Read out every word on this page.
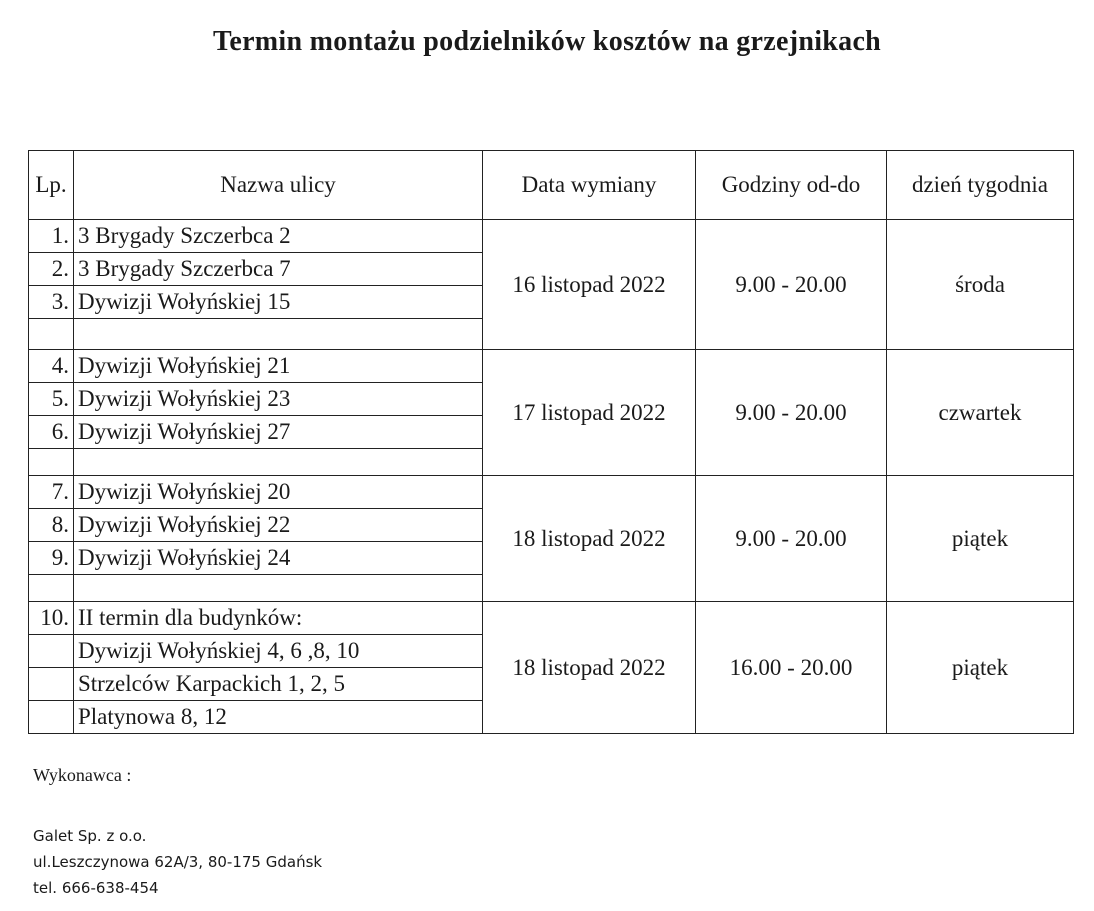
Termin montażu podzielników kosztów na grzejnikach
Lp.	Nazwa ulicy	Data wymiany	Godziny od-do	dzień tygodnia
1.	3 Brygady Szczerbca 2	16 listopad 2022	9.00 - 20.00	środa
2.	3 Brygady Szczerbca 7			
3.	Dywizji Wołyńskiej 15			

4.	Dywizji Wołyńskiej 21	17 listopad 2022	9.00 - 20.00	czwartek
5.	Dywizji Wołyńskiej 23			
6.	Dywizji Wołyńskiej 27			

7.	Dywizji Wołyńskiej 20	18 listopad 2022	9.00 - 20.00	piątek
8.	Dywizji Wołyńskiej 22			
9.	Dywizji Wołyńskiej 24			

10.	II termin dla budynków:	18 listopad 2022	16.00 - 20.00	piątek
	Dywizji Wołyńskiej 4, 6 ,8, 10			
	Strzelców Karpackich 1, 2, 5			
	Platynowa 8, 12			
Wykonawca :
Galet Sp. z o.o.
ul.Leszczynowa 62A/3, 80-175 Gdańsk
tel. 666-638-454
